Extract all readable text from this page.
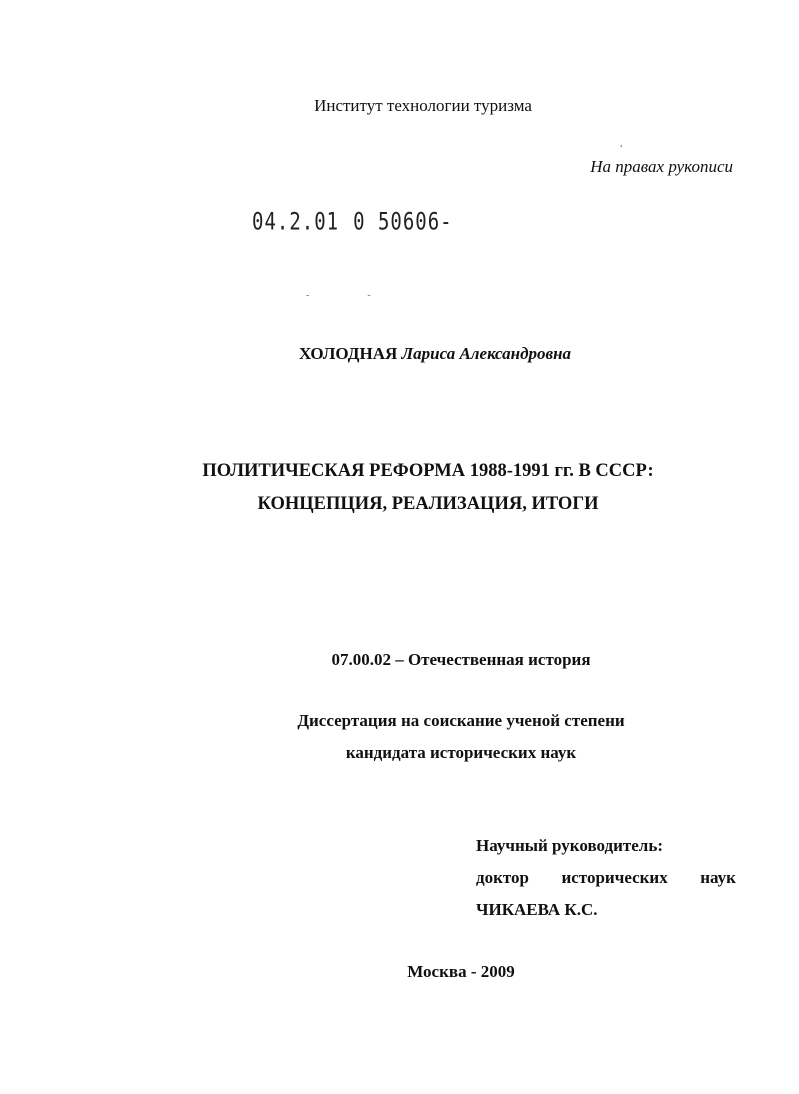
Институт технологии туризма
,
На правах рукописи
04.2.01 0 50606-
-	-
ХОЛОДНАЯ Лариса Александровна
ПОЛИТИЧЕСКАЯ РЕФОРМА 1988-1991 гг. В СССР:
КОНЦЕПЦИЯ, РЕАЛИЗАЦИЯ, ИТОГИ
07.00.02 – Отечественная история
Диссертация на соискание ученой степени
кандидата исторических наук
Научный руководитель:
доктор исторических наук
ЧИКАЕВА К.С.
Москва - 2009
